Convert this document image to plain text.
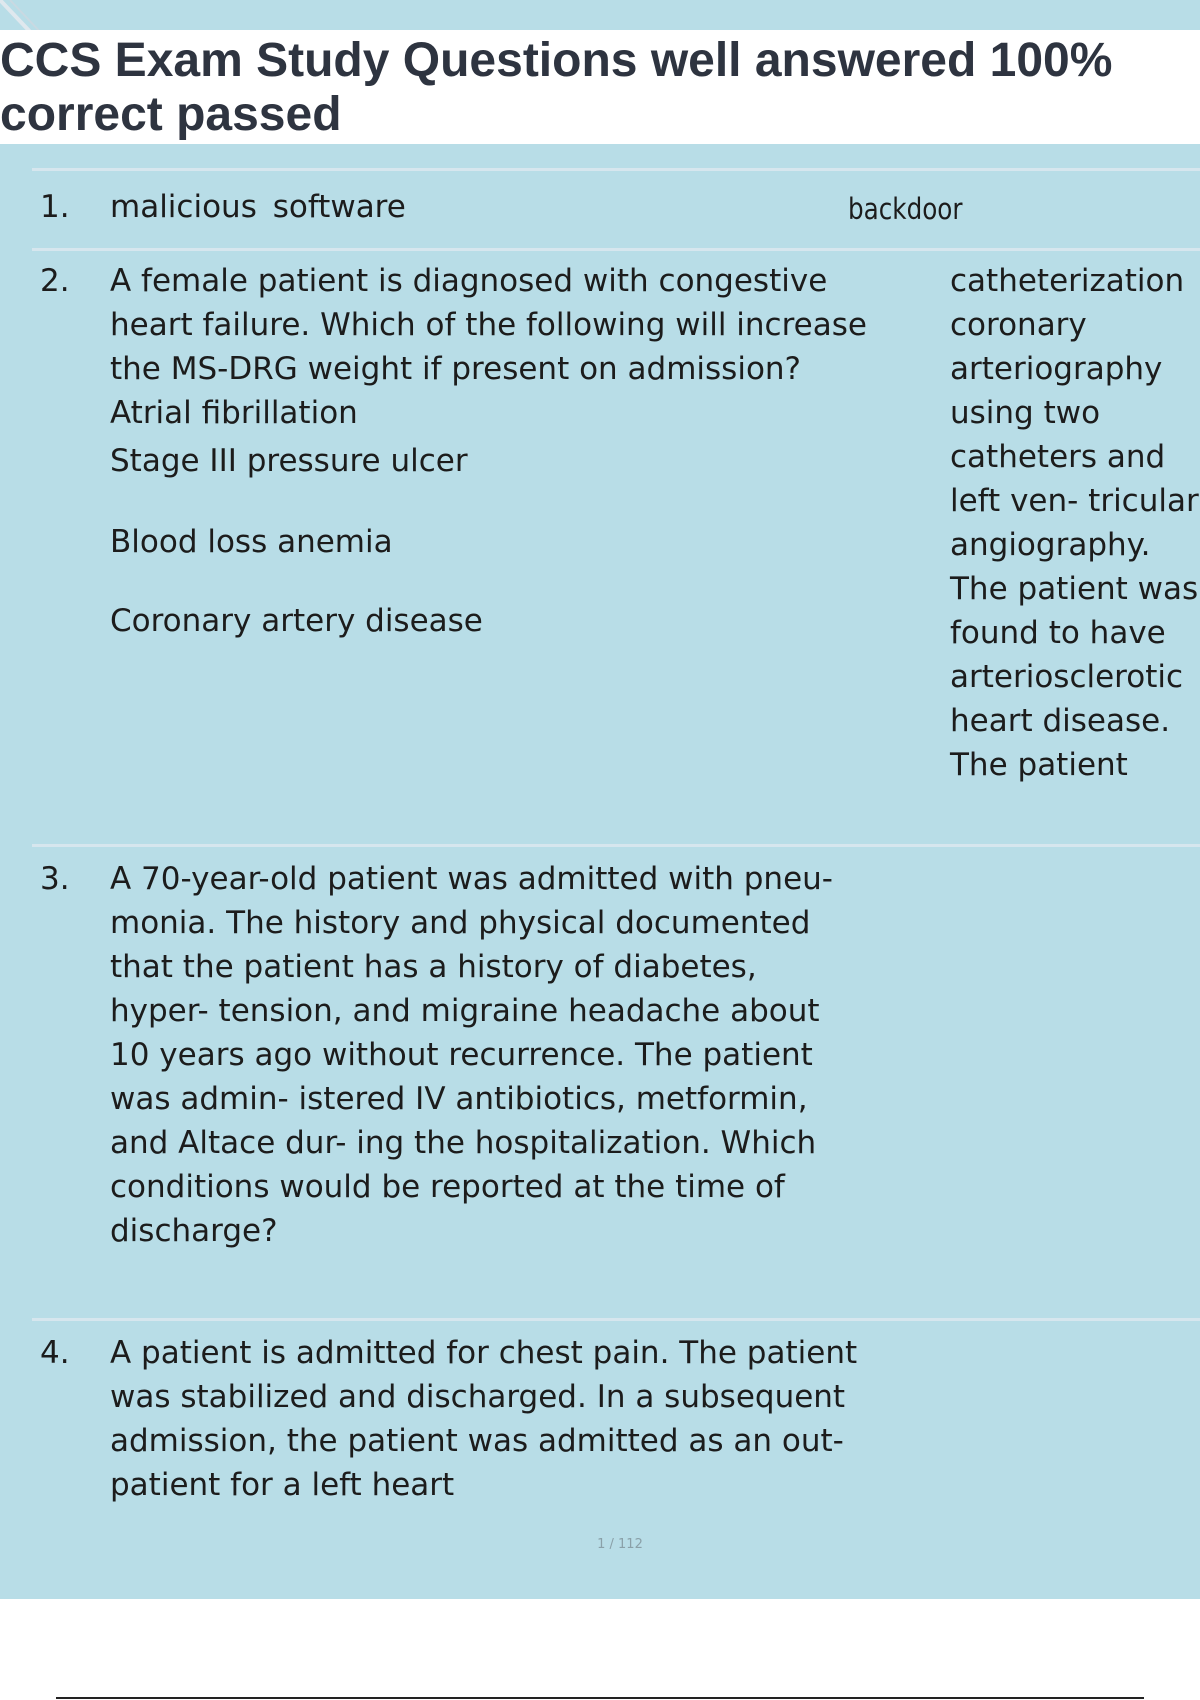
CCS Exam Study Questions well answered 100% correct passed
1. malicious software	backdoor
2. A female patient is diagnosed with congestive heart failure. Which of the following will increase the MS-DRG weight if present on admission? Atrial fibrillation
Stage III pressure ulcer
Blood loss anemia
Coronary artery disease
catheterization
coronary
arteriography
using two
catheters and
left ven- tricular
angiography.
The patient was
found to have
arteriosclerotic
heart disease.
The patient
3. A 70-year-old patient was admitted with pneu- monia. The history and physical documented that the patient has a history of diabetes, hyper- tension, and migraine headache about 10 years ago without recurrence. The patient was admin- istered IV antibiotics, metformin, and Altace dur- ing the hospitalization. Which conditions would be reported at the time of discharge?
4. A patient is admitted for chest pain. The patient was stabilized and discharged. In a subsequent admission, the patient was admitted as an out- patient for a left heart
1 / 112
